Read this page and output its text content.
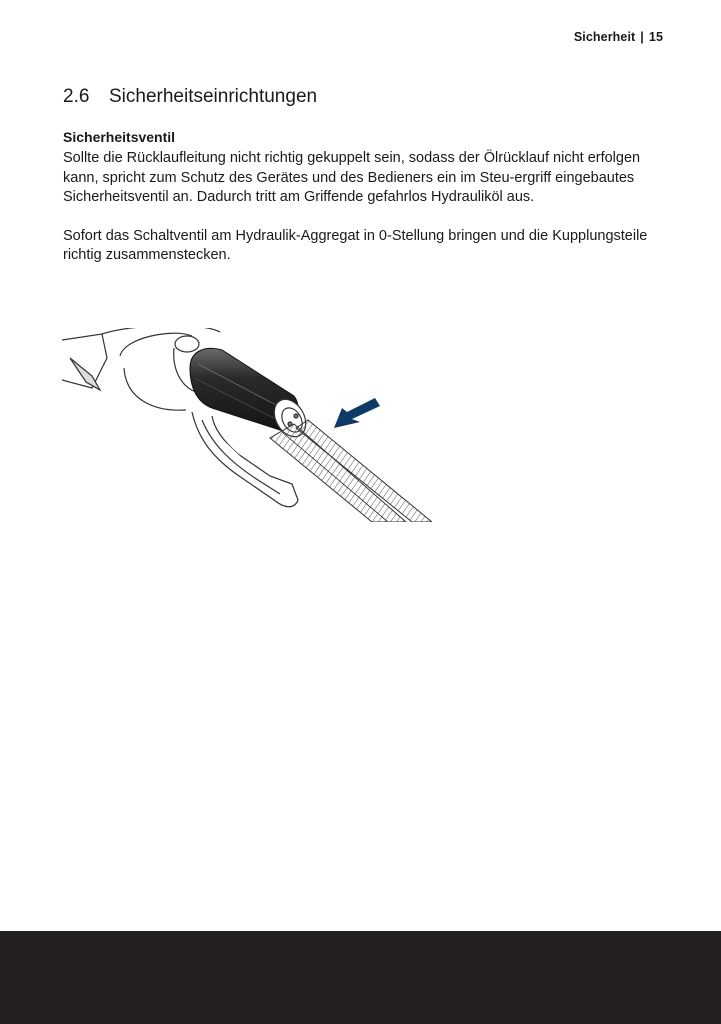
Sicherheit | 15
2.6 Sicherheitseinrichtungen
Sicherheitsventil

Sollte die Rücklaufleitung nicht richtig gekuppelt sein, sodass der Ölrücklauf nicht erfolgen kann, spricht zum Schutz des Gerätes und des Bedieners ein im Steu-ergriff eingebautes Sicherheitsventil an. Dadurch tritt am Griffende gefahrlos Hydrauliköl aus.

Sofort das Schaltventil am Hydraulik-Aggregat in 0-Stellung bringen und die Kupplungsteile richtig zusammenstecken.
